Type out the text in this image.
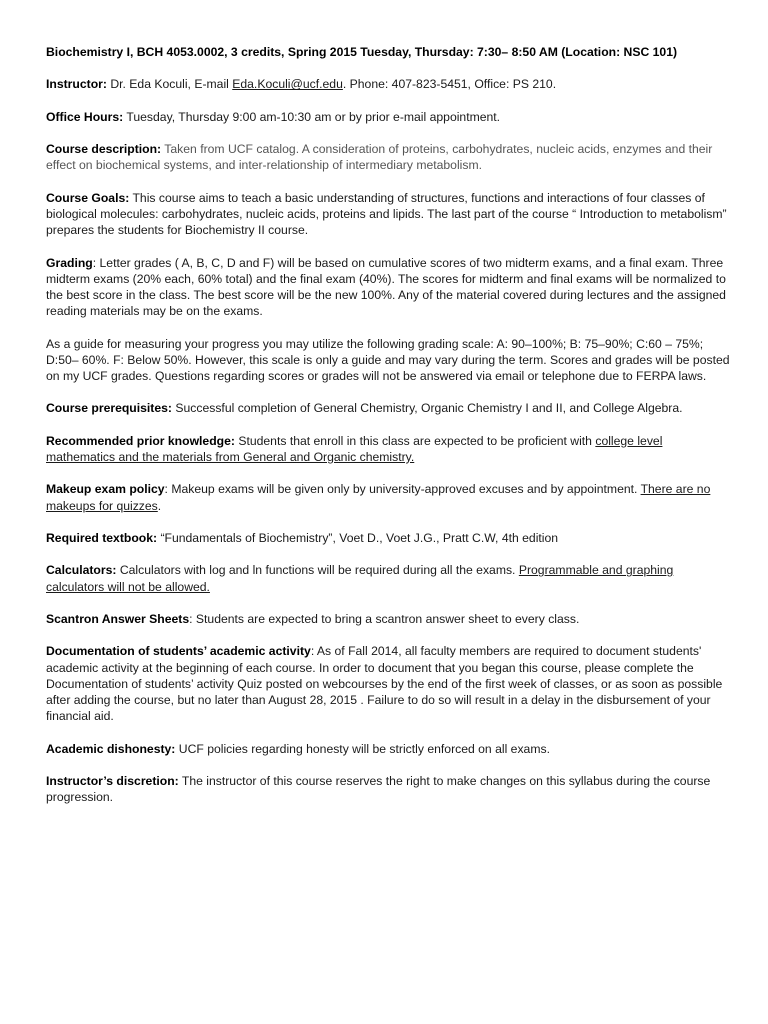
Biochemistry I, BCH 4053.0002, 3 credits, Spring 2015 Tuesday, Thursday: 7:30– 8:50 AM (Location: NSC 101)
Instructor: Dr. Eda Koculi, E-mail Eda.Koculi@ucf.edu. Phone: 407-823-5451, Office: PS 210.
Office Hours: Tuesday, Thursday 9:00 am-10:30 am or by prior e-mail appointment.
Course description: Taken from UCF catalog. A consideration of proteins, carbohydrates, nucleic acids, enzymes and their effect on biochemical systems, and inter-relationship of intermediary metabolism.
Course Goals: This course aims to teach a basic understanding of structures, functions and interactions of four classes of biological molecules: carbohydrates, nucleic acids, proteins and lipids. The last part of the course “ Introduction to metabolism” prepares the students for Biochemistry II course.
Grading: Letter grades ( A, B, C, D and F) will be based on cumulative scores of two midterm exams, and a final exam. Three midterm exams (20% each, 60% total) and the final exam (40%). The scores for midterm and final exams will be normalized to the best score in the class. The best score will be the new 100%. Any of the material covered during lectures and the assigned reading materials may be on the exams.
As a guide for measuring your progress you may utilize the following grading scale: A: 90–100%; B: 75–90%; C:60 – 75%; D:50– 60%. F: Below 50%. However, this scale is only a guide and may vary during the term. Scores and grades will be posted on my UCF grades. Questions regarding scores or grades will not be answered via email or telephone due to FERPA laws.
Course prerequisites: Successful completion of General Chemistry, Organic Chemistry I and II, and College Algebra.
Recommended prior knowledge: Students that enroll in this class are expected to be proficient with college level mathematics and the materials from General and Organic chemistry.
Makeup exam policy: Makeup exams will be given only by university-approved excuses and by appointment. There are no makeups for quizzes.
Required textbook: “Fundamentals of Biochemistry”, Voet D., Voet J.G., Pratt C.W, 4th edition
Calculators: Calculators with log and ln functions will be required during all the exams. Programmable and graphing calculators will not be allowed.
Scantron Answer Sheets: Students are expected to bring a scantron answer sheet to every class.
Documentation of students’ academic activity: As of Fall 2014, all faculty members are required to document students' academic activity at the beginning of each course. In order to document that you began this course, please complete the Documentation of students’ activity Quiz posted on webcourses by the end of the first week of classes, or as soon as possible after adding the course, but no later than August 28, 2015 . Failure to do so will result in a delay in the disbursement of your financial aid.
Academic dishonesty: UCF policies regarding honesty will be strictly enforced on all exams.
Instructor’s discretion: The instructor of this course reserves the right to make changes on this syllabus during the course progression.
